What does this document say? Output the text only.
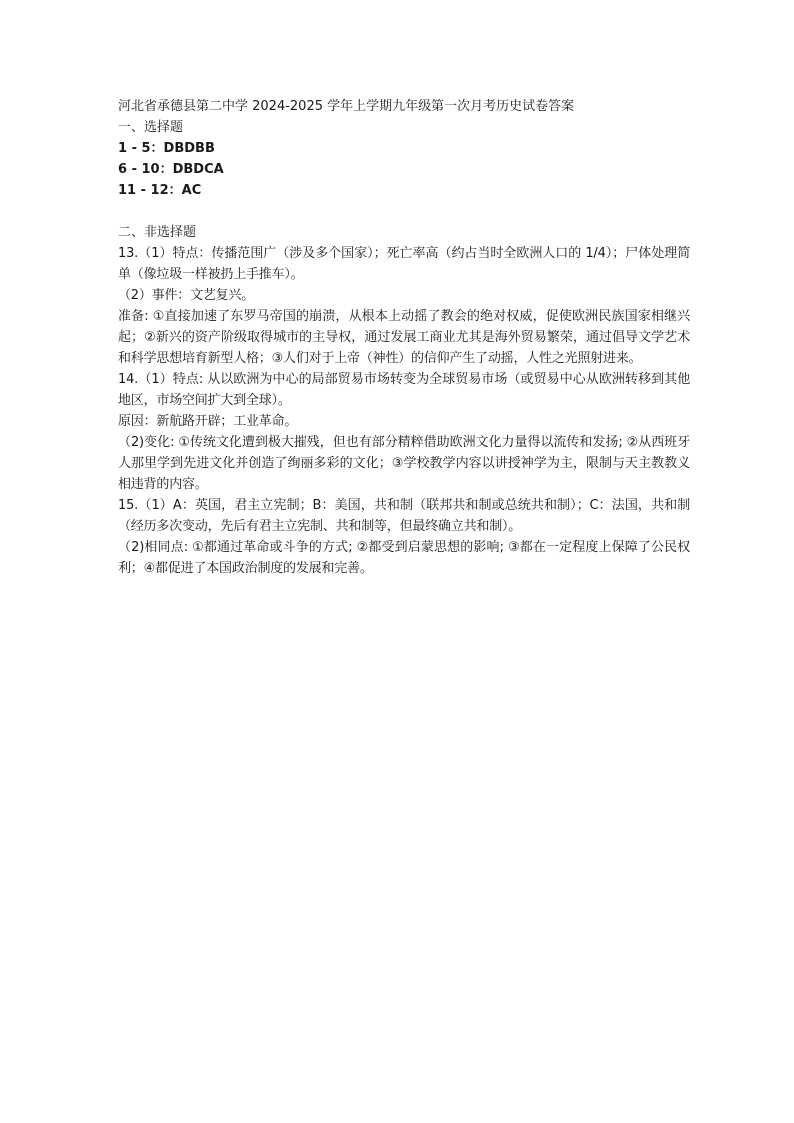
河北省承德县第二中学 2024-2025 学年上学期九年级第一次月考历史试卷答案
一、选择题
1 - 5：DBDBB
6 - 10：DBDCA
11 - 12：AC
二、非选择题
13.（1）特点：传播范围广（涉及多个国家）；死亡率高（约占当时全欧洲人口的 1/4）；尸体处理简单（像垃圾一样被扔上手推车）。
（2）事件：文艺复兴。
准备: ①直接加速了东罗马帝国的崩溃，从根本上动摇了教会的绝对权威，促使欧洲民族国家相继兴起；②新兴的资产阶级取得城市的主导权，通过发展工商业尤其是海外贸易繁荣，通过倡导文学艺术和科学思想培育新型人格；③人们对于上帝（神性）的信仰产生了动摇，人性之光照射进来。
14.（1）特点: 从以欧洲为中心的局部贸易市场转变为全球贸易市场（或贸易中心从欧洲转移到其他地区，市场空间扩大到全球）。
原因：新航路开辟；工业革命。
（2)变化: ①传统文化遭到极大摧残，但也有部分精粹借助欧洲文化力量得以流传和发扬; ②从西班牙人那里学到先进文化并创造了绚丽多彩的文化；③学校教学内容以讲授神学为主，限制与天主教教义相违背的内容。
15.（1）A：英国，君主立宪制；B：美国，共和制（联邦共和制或总统共和制）；C：法国，共和制（经历多次变动，先后有君主立宪制、共和制等，但最终确立共和制）。
（2)相同点: ①都通过革命或斗争的方式; ②都受到启蒙思想的影响; ③都在一定程度上保障了公民权利；④都促进了本国政治制度的发展和完善。
